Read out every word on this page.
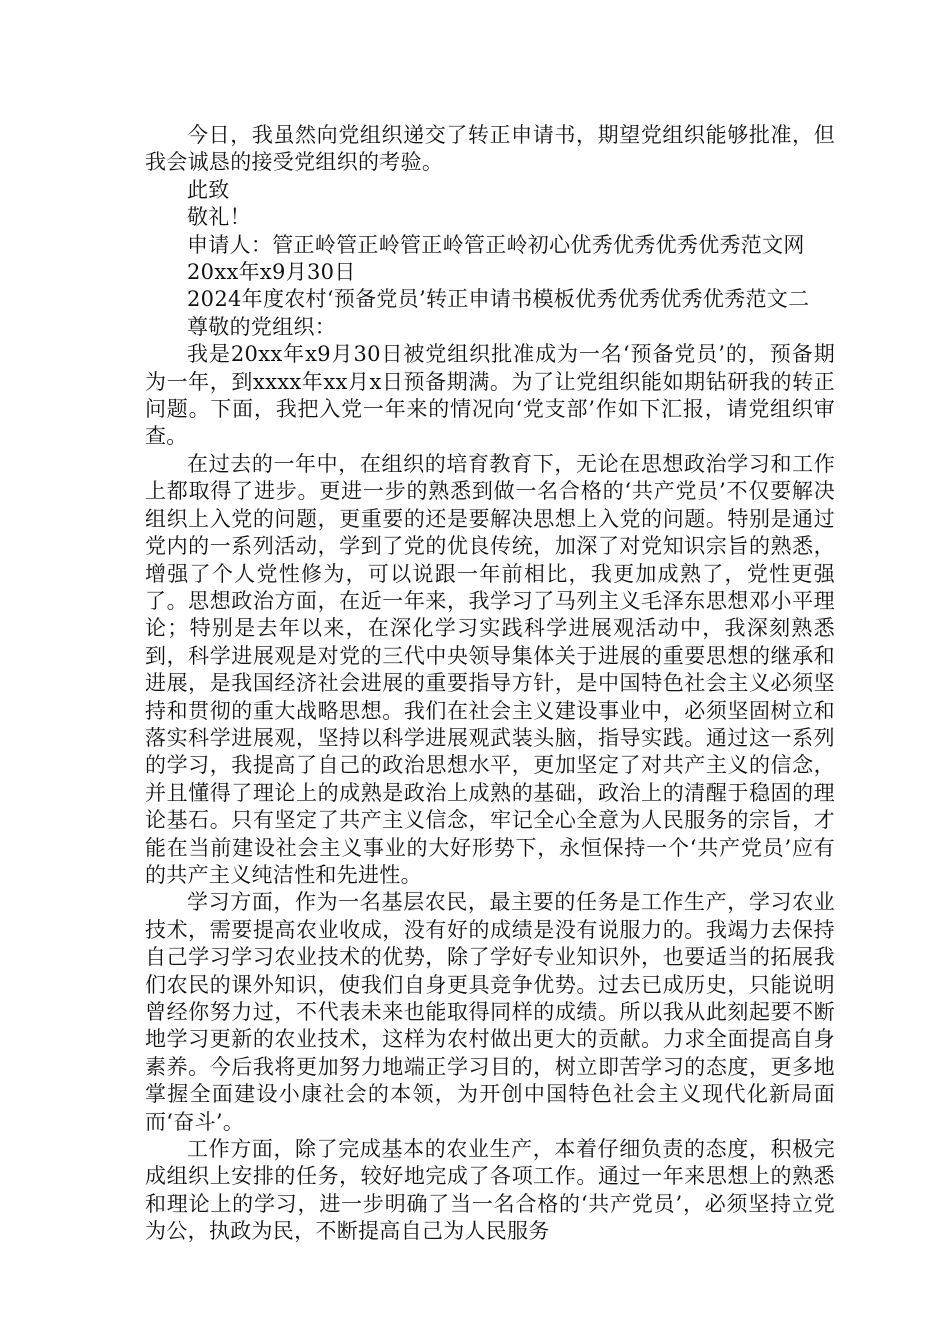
今日，我虽然向党组织递交了转正申请书，期望党组织能够批准，但我会诚恳的接受党组织的考验。

此致

敬礼！

申请人：管正岭管正岭管正岭管正岭初心优秀优秀优秀优秀范文网

20xx年x9月30日

2024年度农村‘预备党员’转正申请书模板优秀优秀优秀优秀范文二

尊敬的党组织：

我是20xx年x9月30日被党组织批准成为一名‘预备党员’的，预备期为一年，到xxxx年xx月x日预备期满。为了让党组织能如期钻研我的转正问题。下面，我把入党一年来的情况向‘党支部’作如下汇报，请党组织审查。

在过去的一年中，在组织的培育教育下，无论在思想政治学习和工作上都取得了进步。更进一步的熟悉到做一名合格的‘共产党员’不仅要解决组织上入党的问题，更重要的还是要解决思想上入党的问题。特别是通过党内的一系列活动，学到了党的优良传统，加深了对党知识宗旨的熟悉，增强了个人党性修为，可以说跟一年前相比，我更加成熟了，党性更强了。思想政治方面，在近一年来，我学习了马列主义毛泽东思想邓小平理论；特别是去年以来，在深化学习实践科学进展观活动中，我深刻熟悉到，科学进展观是对党的三代中央领导集体关于进展的重要思想的继承和进展，是我国经济社会进展的重要指导方针，是中国特色社会主义必须坚持和贯彻的重大战略思想。我们在社会主义建设事业中，必须坚固树立和落实科学进展观，坚持以科学进展观武装头脑，指导实践。通过这一系列的学习，我提高了自己的政治思想水平，更加坚定了对共产主义的信念，并且懂得了理论上的成熟是政治上成熟的基础，政治上的清醒于稳固的理论基石。只有坚定了共产主义信念，牢记全心全意为人民服务的宗旨，才能在当前建设社会主义事业的大好形势下，永恒保持一个‘共产党员’应有的共产主义纯洁性和先进性。

学习方面，作为一名基层农民，最主要的任务是工作生产，学习农业技术，需要提高农业收成，没有好的成绩是没有说服力的。我竭力去保持自己学习学习农业技术的优势，除了学好专业知识外，也要适当的拓展我们农民的课外知识，使我们自身更具竞争优势。过去已成历史，只能说明曾经你努力过，不代表未来也能取得同样的成绩。所以我从此刻起要不断地学习更新的农业技术，这样为农村做出更大的贡献。力求全面提高自身素养。今后我将更加努力地端正学习目的，树立即苦学习的态度，更多地掌握全面建设小康社会的本领，为开创中国特色社会主义现代化新局面而‘奋斗’。

工作方面，除了完成基本的农业生产，本着仔细负责的态度，积极完成组织上安排的任务，较好地完成了各项工作。通过一年来思想上的熟悉和理论上的学习，进一步明确了当一名合格的‘共产党员’，必须坚持立党为公，执政为民，不断提高自己为人民服务
